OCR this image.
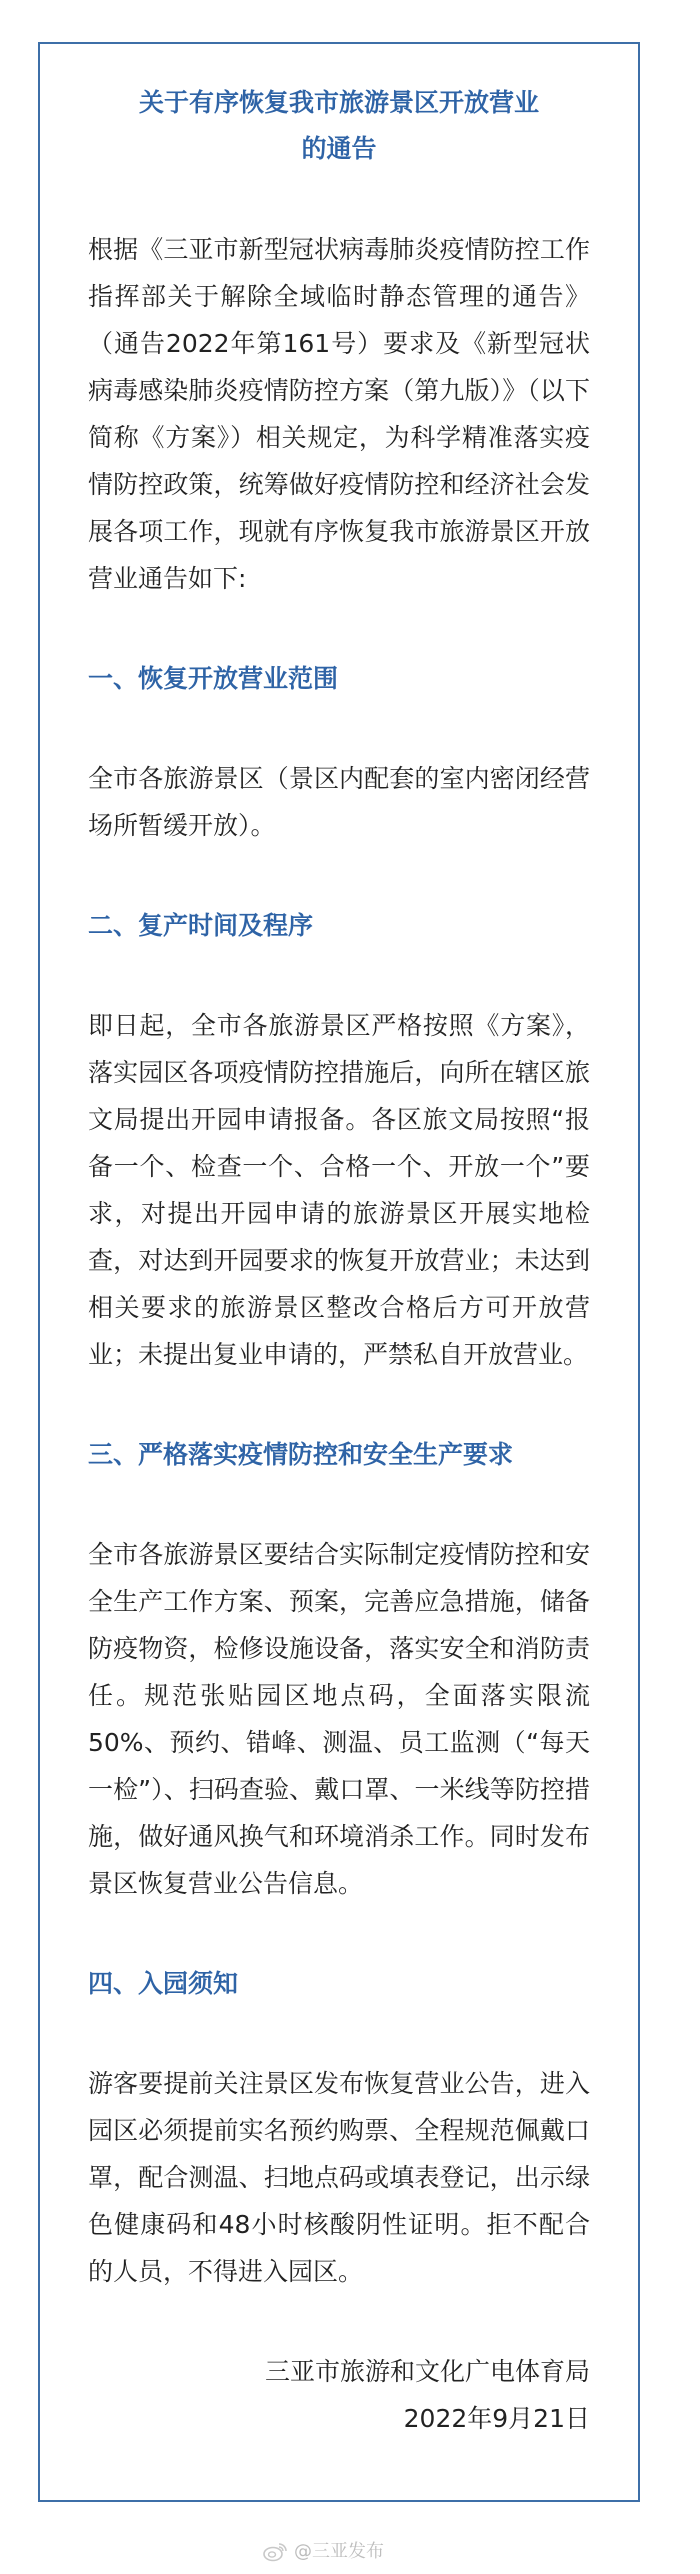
关于有序恢复我市旅游景区开放营业的通告

根据《三亚市新型冠状病毒肺炎疫情防控工作指挥部关于解除全域临时静态管理的通告》（通告2022年第161号）要求及《新型冠状病毒感染肺炎疫情防控方案（第九版）》（以下简称《方案》）相关规定，为科学精准落实疫情防控政策，统筹做好疫情防控和经济社会发展各项工作，现就有序恢复我市旅游景区开放营业通告如下:

一、恢复开放营业范围

全市各旅游景区（景区内配套的室内密闭经营场所暂缓开放）。

二、复产时间及程序

即日起，全市各旅游景区严格按照《方案》，落实园区各项疫情防控措施后，向所在辖区旅文局提出开园申请报备。各区旅文局按照“报备一个、检查一个、合格一个、开放一个”要求，对提出开园申请的旅游景区开展实地检查，对达到开园要求的恢复开放营业；未达到相关要求的旅游景区整改合格后方可开放营业；未提出复业申请的，严禁私自开放营业。

三、严格落实疫情防控和安全生产要求

全市各旅游景区要结合实际制定疫情防控和安全生产工作方案、预案，完善应急措施，储备防疫物资，检修设施设备，落实安全和消防责任。规范张贴园区地点码，全面落实限流50%、预约、错峰、测温、员工监测（“每天一检”）、扫码查验、戴口罩、一米线等防控措施，做好通风换气和环境消杀工作。同时发布景区恢复营业公告信息。

四、入园须知

游客要提前关注景区发布恢复营业公告，进入园区必须提前实名预约购票、全程规范佩戴口罩，配合测温、扫地点码或填表登记，出示绿色健康码和48小时核酸阴性证明。拒不配合的人员，不得进入园区。

三亚市旅游和文化广电体育局

2022年9月21日

@三亚发布
